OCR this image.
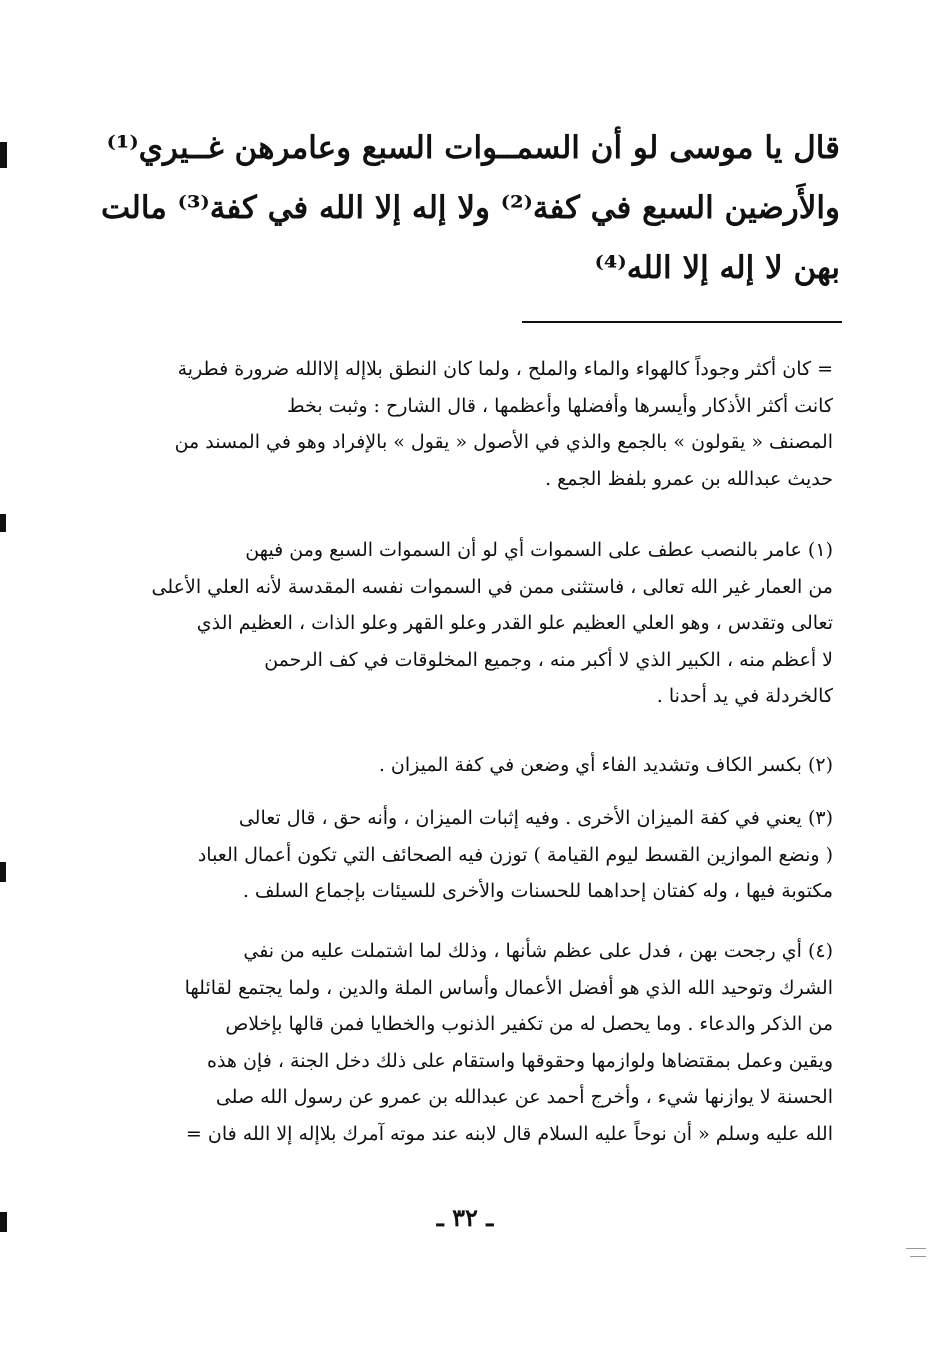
قال يا موسى لو أن السمــوات السبع وعامرهن غــيري⁽¹⁾
والأَرضين السبع في كفة⁽²⁾ ولا إله إلا الله في كفة⁽³⁾ مالت
بهن لا إله إلا الله⁽⁴⁾
= كان أكثر وجوداً كالهواء والماء والملح ، ولما كان النطق بلاإله إلاالله ضرورة فطرية
كانت أكثر الأذكار وأيسرها وأفضلها وأعظمها ، قال الشارح : وثبت بخط
المصنف « يقولون » بالجمع والذي في الأصول « يقول » بالإفراد وهو في المسند من
حديث عبدالله بن عمرو بلفظ الجمع .
(١) عامر بالنصب عطف على السموات أي لو أن السموات السبع ومن فيهن
من العمار غير الله تعالى ، فاستثنى ممن في السموات نفسه المقدسة لأنه العلي الأعلى
تعالى وتقدس ، وهو العلي العظيم علو القدر وعلو القهر وعلو الذات ، العظيم الذي
لا أعظم منه ، الكبير الذي لا أكبر منه ، وجميع المخلوقات في كف الرحمن
كالخردلة في يد أحدنا .
(٢) بكسر الكاف وتشديد الفاء أي وضعن في كفة الميزان .
(٣) يعني في كفة الميزان الأخرى . وفيه إثبات الميزان ، وأنه حق ، قال تعالى
( ونضع الموازين القسط ليوم القيامة ) توزن فيه الصحائف التي تكون أعمال العباد
مكتوبة فيها ، وله كفتان إحداهما للحسنات والأخرى للسيئات بإجماع السلف .
(٤) أي رجحت بهن ، فدل على عظم شأنها ، وذلك لما اشتملت عليه من نفي
الشرك وتوحيد الله الذي هو أفضل الأعمال وأساس الملة والدين ، ولما يجتمع لقائلها
من الذكر والدعاء . وما يحصل له من تكفير الذنوب والخطايا فمن قالها بإخلاص
ويقين وعمل بمقتضاها ولوازمها وحقوقها واستقام على ذلك دخل الجنة ، فإن هذه
الحسنة لا يوازنها شيء ، وأخرج أحمد عن عبدالله بن عمرو عن رسول الله صلى
الله عليه وسلم « أن نوحاً عليه السلام قال لابنه عند موته آمرك بلاإله إلا الله فان =
ـ ٣٢ ـ
